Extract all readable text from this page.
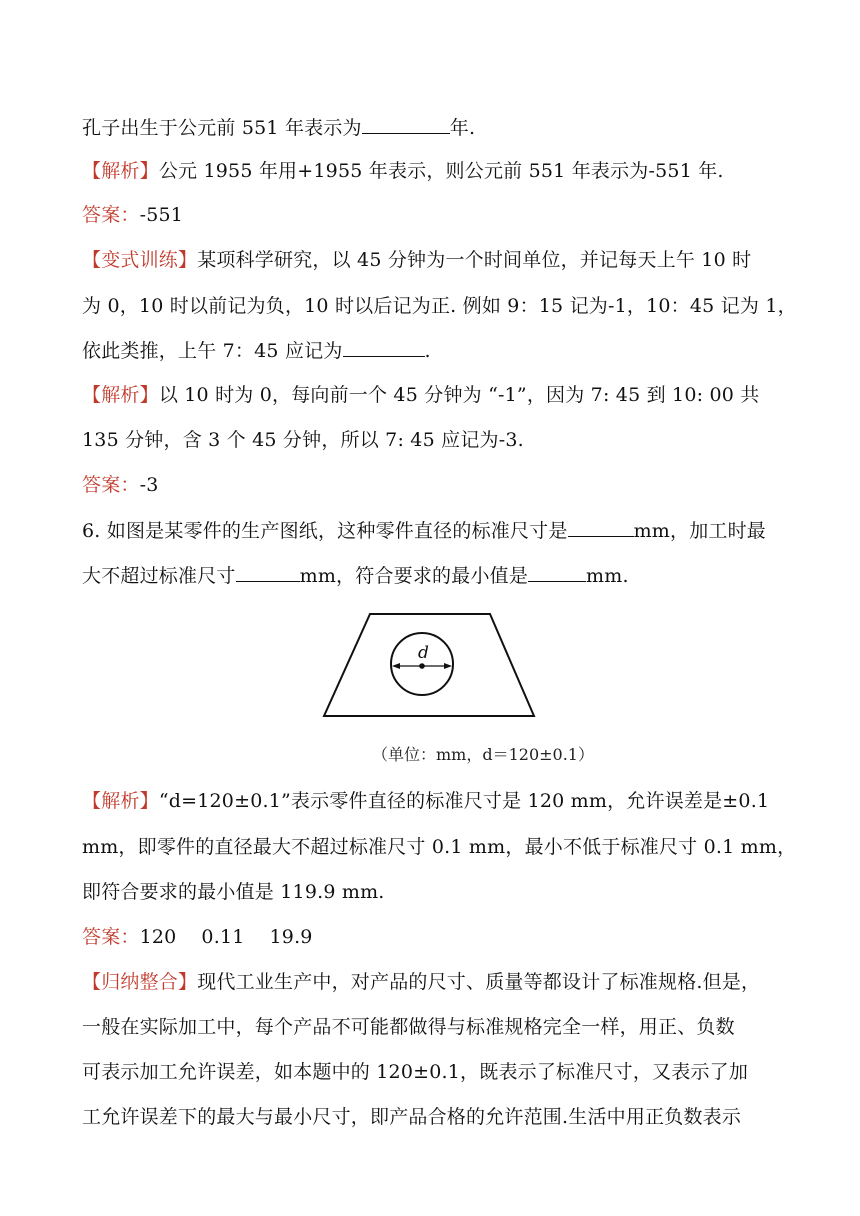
孔子出生于公元前 551 年表示为	年.
【解析】公元 1955 年用+1955 年表示，则公元前 551 年表示为-551 年.
答案：-551
【变式训练】某项科学研究，以 45 分钟为一个时间单位，并记每天上午 10 时
为 0，10 时以前记为负，10 时以后记为正. 例如 9：15 记为-1，10：45 记为 1，
依此类推，上午 7：45 应记为	.
【解析】以 10 时为 0，每向前一个 45 分钟为 “-1”，因为 7: 45 到 10: 00 共
135 分钟，含 3 个 45 分钟，所以 7: 45 应记为-3.
答案：-3
6. 如图是某零件的生产图纸，这种零件直径的标准尺寸是	mm，加工时最
大不超过标准尺寸	mm，符合要求的最小值是	mm.
d
（单位：mm，d＝120±0.1）
【解析】“d=120±0.1”表示零件直径的标准尺寸是 120 mm，允许误差是±0.1
mm，即零件的直径最大不超过标准尺寸 0.1 mm，最小不低于标准尺寸 0.1 mm，
即符合要求的最小值是 119.9 mm.
答案：120    0.11    19.9
【归纳整合】现代工业生产中，对产品的尺寸、质量等都设计了标准规格.但是，
一般在实际加工中，每个产品不可能都做得与标准规格完全一样，用正、负数
可表示加工允许误差，如本题中的 120±0.1，既表示了标准尺寸，又表示了加
工允许误差下的最大与最小尺寸，即产品合格的允许范围.生活中用正负数表示
